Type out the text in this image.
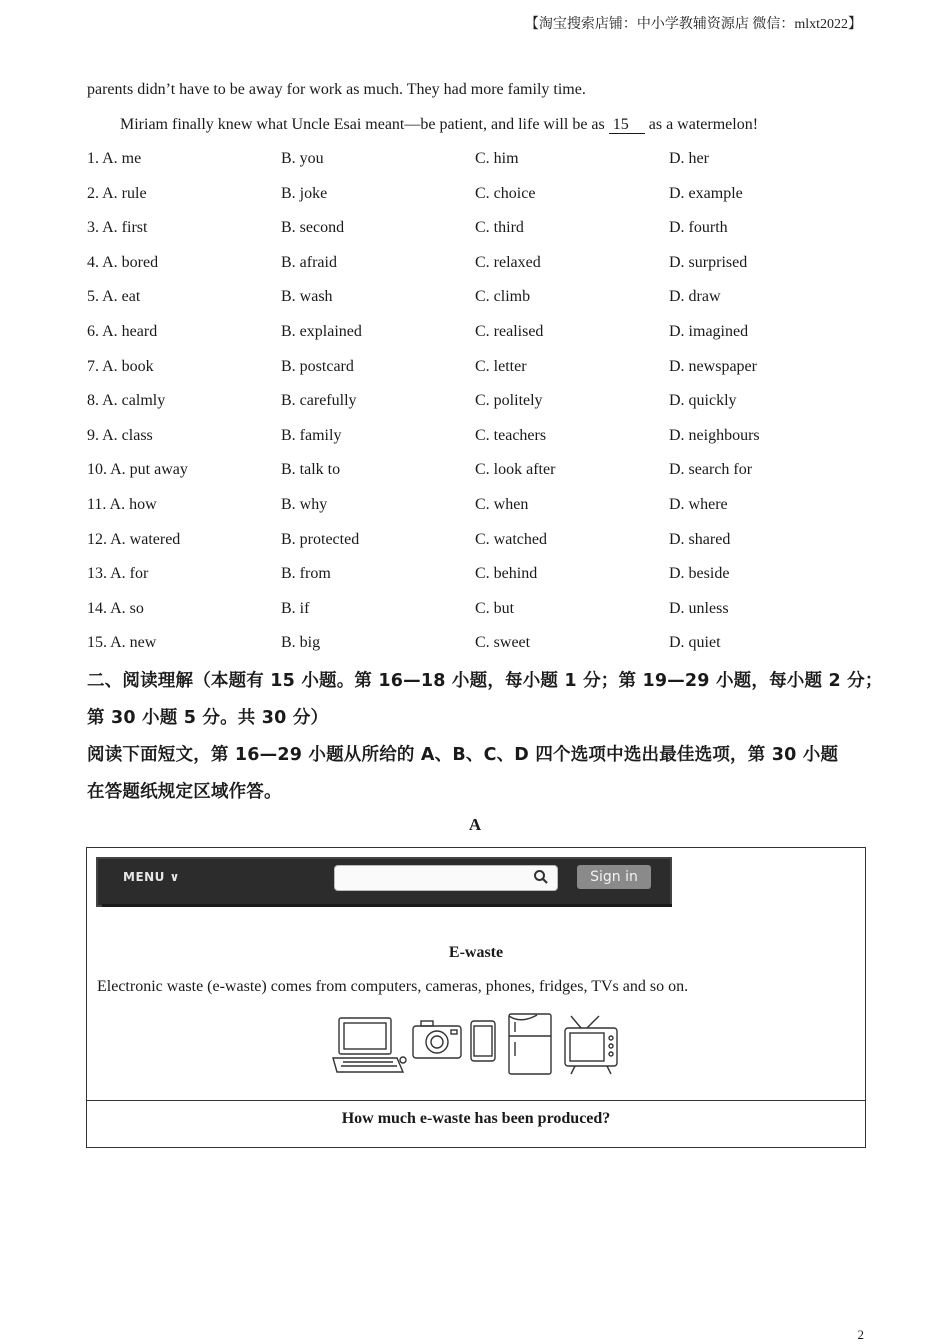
【淘宝搜索店铺：中小学教辅资源店 微信：mlxt2022】
parents didn’t have to be away for work as much. They had more family time.
Miriam finally knew what Uncle Esai meant—be patient, and life will be as 15 as a watermelon!
1. A. me	B. you	C. him	D. her
2. A. rule	B. joke	C. choice	D. example
3. A. first	B. second	C. third	D. fourth
4. A. bored	B. afraid	C. relaxed	D. surprised
5. A. eat	B. wash	C. climb	D. draw
6. A. heard	B. explained	C. realised	D. imagined
7. A. book	B. postcard	C. letter	D. newspaper
8. A. calmly	B. carefully	C. politely	D. quickly
9. A. class	B. family	C. teachers	D. neighbours
10. A. put away	B. talk to	C. look after	D. search for
11. A. how	B. why	C. when	D. where
12. A. watered	B. protected	C. watched	D. shared
13. A. for	B. from	C. behind	D. beside
14. A. so	B. if	C. but	D. unless
15. A. new	B. big	C. sweet	D. quiet
二、阅读理解（本题有 15 小题。第 16—18 小题，每小题 1 分；第 19—29 小题，每小题 2 分；
第 30 小题 5 分。共 30 分）
阅读下面短文，第 16—29 小题从所给的 A、B、C、D 四个选项中选出最佳选项，第 30 小题
在答题纸规定区域作答。
A
MENU ∨	Sign in
E-waste
Electronic waste (e-waste) comes from computers, cameras, phones, fridges, TVs and so on.
How much e-waste has been produced?
2
